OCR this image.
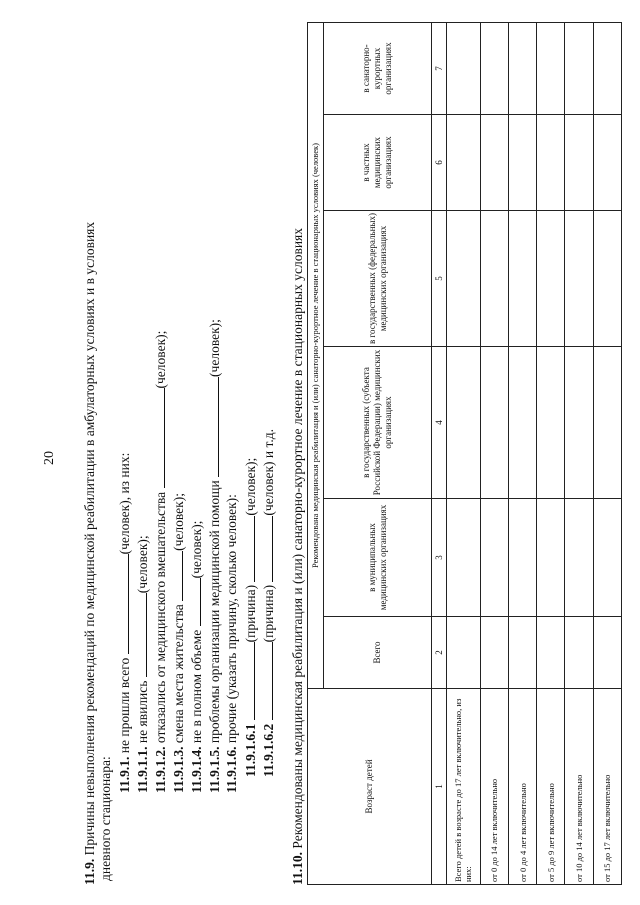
20
11.9. Причины невыполнения рекомендаций по медицинской реабилитации в амбулаторных условиях и в условиях дневного стационара: 11.9.1. не прошли всего (человек), из них:
11.9.1.1. не явились (человек);
11.9.1.2. отказались от медицинского вмешательства (человек);
11.9.1.3. смена места жительства (человек);
11.9.1.4. не в полном объеме (человек);
11.9.1.5. проблемы организации медицинской помощи (человек);
11.9.1.6. прочие (указать причину, сколько человек):
11.9.1.6.1 (причина) (человек);
11.9.1.6.2 (причина) (человек) и т.д.
11.10. Рекомендованы медицинская реабилитация и (или) санаторно-курортное лечение в стационарных условиях	Возраст детей	Рекомендована медицинская реабилитация и (или) санаторно-курортное лечение в стационарных условиях (человек)					
	Всего	в муниципальных медицинских организациях	в государственных (субъекта Российской Федерации) медицинских организациях	в государственных (федеральных) медицинских организациях	в частных медицинских организациях	в санаторно-курортных организациях
1	2	3	4	5	6	7
Всего детей в возрасте до 17 лет включительно, из них:						
от 0 до 14 лет включительно						
от 0 до 4 лет включительно						
от 5 до 9 лет включительно						
от 10 до 14 лет включительно						
от 15 до 17 лет включительно						
